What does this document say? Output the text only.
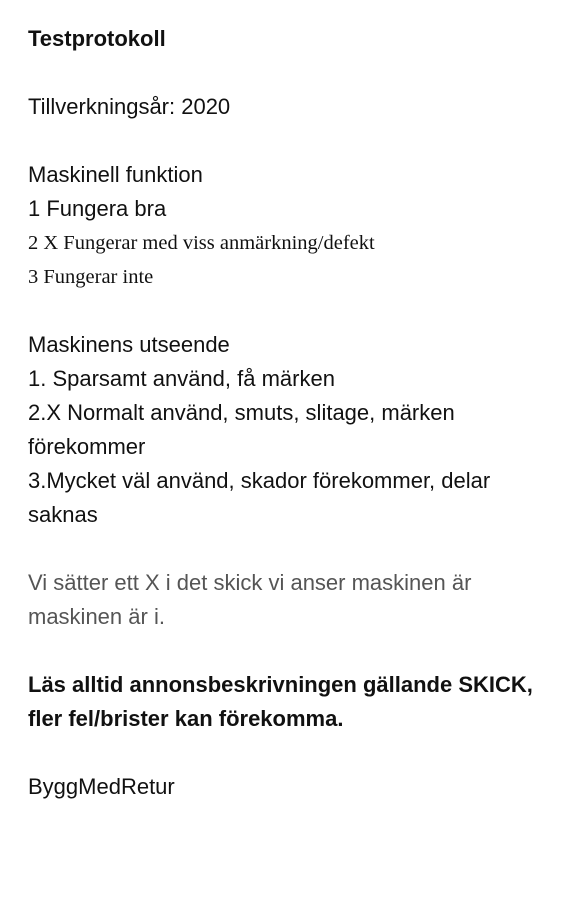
Testprotokoll

Tillverkningsår: 2020

Maskinell funktion

1 Fungera bra

2 X Fungerar med viss anmärkning/defekt

3 Fungerar inte

Maskinens utseende

1. Sparsamt använd, få märken

2.X Normalt använd, smuts, slitage, märken förekommer

3.Mycket väl använd, skador förekommer, delar saknas

Vi sätter ett X i det skick vi anser maskinen är maskinen är i.

Läs alltid annonsbeskrivningen gällande SKICK, fler fel/brister kan förekomma.

ByggMedRetur
